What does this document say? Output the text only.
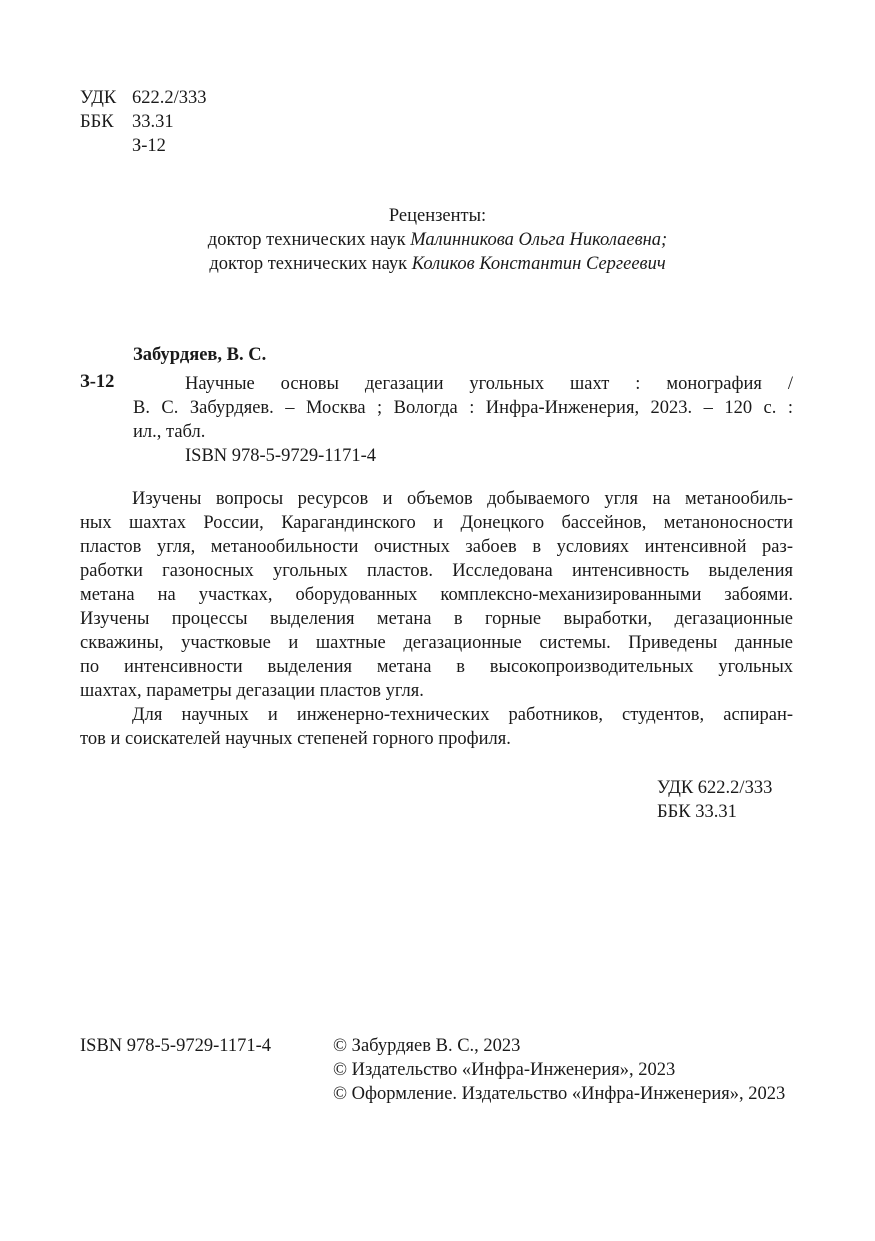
УДК 622.2/333
ББК 33.31
З-12
Рецензенты:
доктор технических наук Малинникова Ольга Николаевна;
доктор технических наук Коликов Константин Сергеевич
Забурдяев, В. С.
З-12	Научные основы дегазации угольных шахт : монография /
В. С. Забурдяев. – Москва ; Вологда : Инфра-Инженерия, 2023. – 120 с. :
ил., табл.
ISBN 978-5-9729-1171-4
Изучены вопросы ресурсов и объемов добываемого угля на метанообиль-
ных шахтах России, Карагандинского и Донецкого бассейнов, метаноносности
пластов угля, метанообильности очистных забоев в условиях интенсивной раз-
работки газоносных угольных пластов. Исследована интенсивность выделения
метана на участках, оборудованных комплексно-механизированными забоями.
Изучены процессы выделения метана в горные выработки, дегазационные
скважины, участковые и шахтные дегазационные системы. Приведены данные
по интенсивности выделения метана в высокопроизводительных угольных
шахтах, параметры дегазации пластов угля.
Для научных и инженерно-технических работников, студентов, аспиран-
тов и соискателей научных степеней горного профиля.
УДК 622.2/333
ББК 33.31
ISBN 978-5-9729-1171-4	© Забурдяев В. С., 2023
© Издательство «Инфра-Инженерия», 2023
© Оформление. Издательство «Инфра-Инженерия», 2023
